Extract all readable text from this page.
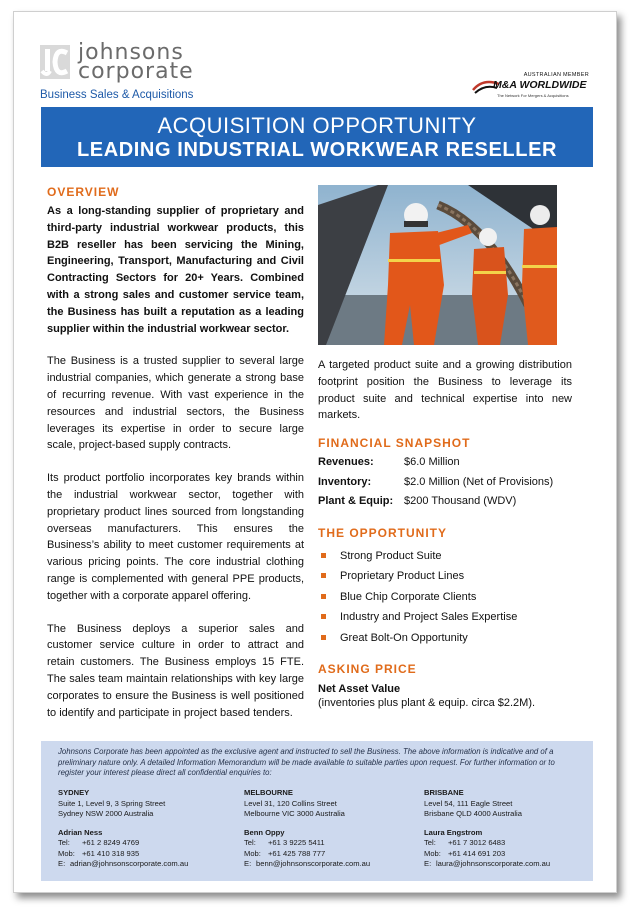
johnsons
corporate
Business Sales & Acquisitions
AUSTRALIAN MEMBER
M&A WORLDWIDE
The Network For Mergers & Acquisitions
ACQUISITION OPPORTUNITY
LEADING INDUSTRIAL WORKWEAR RESELLER
OVERVIEW

As a long-standing supplier of proprietary and third-party industrial workwear products, this B2B reseller has been servicing the Mining, Engineering, Transport, Manufacturing and Civil Contracting Sectors for 20+ Years. Combined with a strong sales and customer service team, the Business has built a reputation as a leading supplier within the industrial workwear sector.

The Business is a trusted supplier to several large industrial companies, which generate a strong base of recurring revenue. With vast experience in the resources and industrial sectors, the Business leverages its expertise in order to secure large scale, project-based supply contracts.

Its product portfolio incorporates key brands within the industrial workwear sector, together with proprietary product lines sourced from longstanding overseas manufacturers. This ensures the Business’s ability to meet customer requirements at various pricing points. The core industrial clothing range is complemented with general PPE products, together with a corporate apparel offering.

The Business deploys a superior sales and customer service culture in order to attract and retain customers. The Business employs 15 FTE. The sales team maintain relationships with key large corporates to ensure the Business is well positioned to identify and participate in project based tenders.

A targeted product suite and a growing distribution footprint position the Business to leverage its product suite and technical expertise into new markets.

FINANCIAL SNAPSHOT
Revenues:	$6.0 Million
Inventory:	$2.0 Million (Net of Provisions)
Plant & Equip: $200 Thousand (WDV)
THE OPPORTUNITY
Strong Product Suite
Proprietary Product Lines
Blue Chip Corporate Clients
Industry and Project Sales Expertise
Great Bolt-On Opportunity
ASKING PRICE
Net Asset Value
(inventories plus plant & equip. circa $2.2M).
Johnsons Corporate has been appointed as the exclusive agent and instructed to sell the Business. The above information is indicative and of a preliminary nature only. A detailed Information Memorandum will be made available to suitable parties upon request. For further information or to register your interest please direct all confidential enquiries to:
SYDNEY
Suite 1, Level 9, 3 Spring Street
Sydney NSW 2000 Australia
Adrian Ness
Tel:	+61 2 8249 4769
Mob: +61 410 318 935
E: adrian@johnsonscorporate.com.au
MELBOURNE
Level 31, 120 Collins Street
Melbourne VIC 3000 Australia
Benn Oppy
Tel:	+61 3 9225 5411
Mob: +61 425 788 777
E: benn@johnsonscorporate.com.au
BRISBANE
Level 54, 111 Eagle Street
Brisbane QLD 4000 Australia
Laura Engstrom
Tel:	+61 7 3012 6483
Mob: +61 414 691 203
E: laura@johnsonscorporate.com.au
